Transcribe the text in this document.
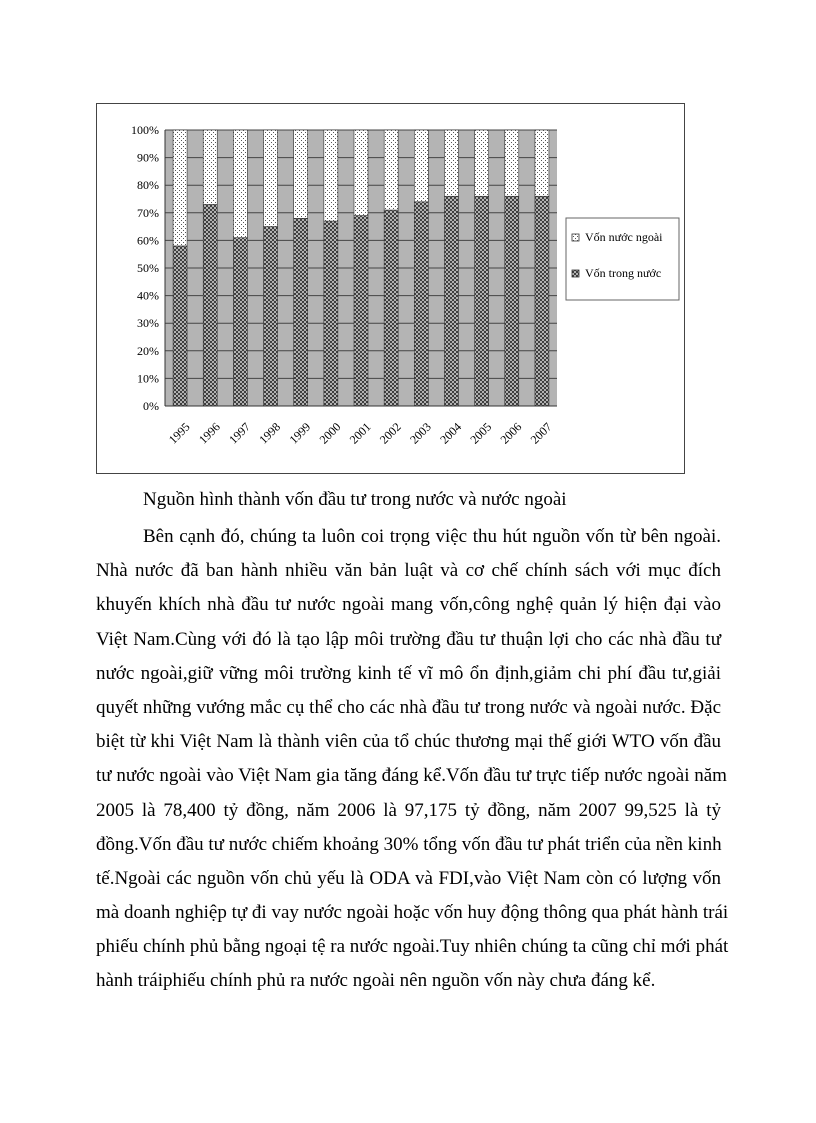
0%
10%
20%
30%
40%
50%
60%
70%
80%
90%
100%
1995 1996 1997 1998 1999 2000 2001 2002 2003 2004 2005 2006 2007
Vốn nước ngoài
Vốn trong nước
Nguồn hình thành vốn đầu tư trong nước và nước ngoài
Bên cạnh đó, chúng ta luôn coi trọng việc thu hút nguồn vốn từ bên ngoài.
Nhà nước đã ban hành nhiều văn bản luật và cơ chế chính sách với mục đích
khuyến khích nhà đầu tư nước ngoài mang vốn,công nghệ quản lý hiện đại vào
Việt Nam.Cùng với đó là tạo lập môi trường đầu tư thuận lợi cho các nhà đầu tư
nước ngoài,giữ vững môi trường kinh tế vĩ mô ổn định,giảm chi phí đầu tư,giải
quyết những vướng mắc cụ thể cho các nhà đầu tư trong nước và ngoài nước. Đặc
biệt từ khi Việt Nam là thành viên của tổ chúc thương mại thế giới WTO vốn đầu
tư nước ngoài vào Việt Nam gia tăng đáng kể.Vốn đầu tư trực tiếp nước ngoài năm
2005 là 78,400 tỷ đồng, năm 2006 là 97,175 tỷ đồng, năm 2007 99,525 là tỷ
đồng.Vốn đầu tư nước chiếm khoảng 30% tổng vốn đầu tư phát triển của nền kinh
tế.Ngoài các nguồn vốn chủ yếu là ODA và FDI,vào Việt Nam còn có lượng vốn
mà doanh nghiệp tự đi vay nước ngoài hoặc vốn huy động thông qua phát hành trái
phiếu chính phủ bằng ngoại tệ ra nước ngoài.Tuy nhiên chúng ta cũng chỉ mới phát
hành tráiphiếu chính phủ ra nước ngoài nên nguồn vốn này chưa đáng kể.
